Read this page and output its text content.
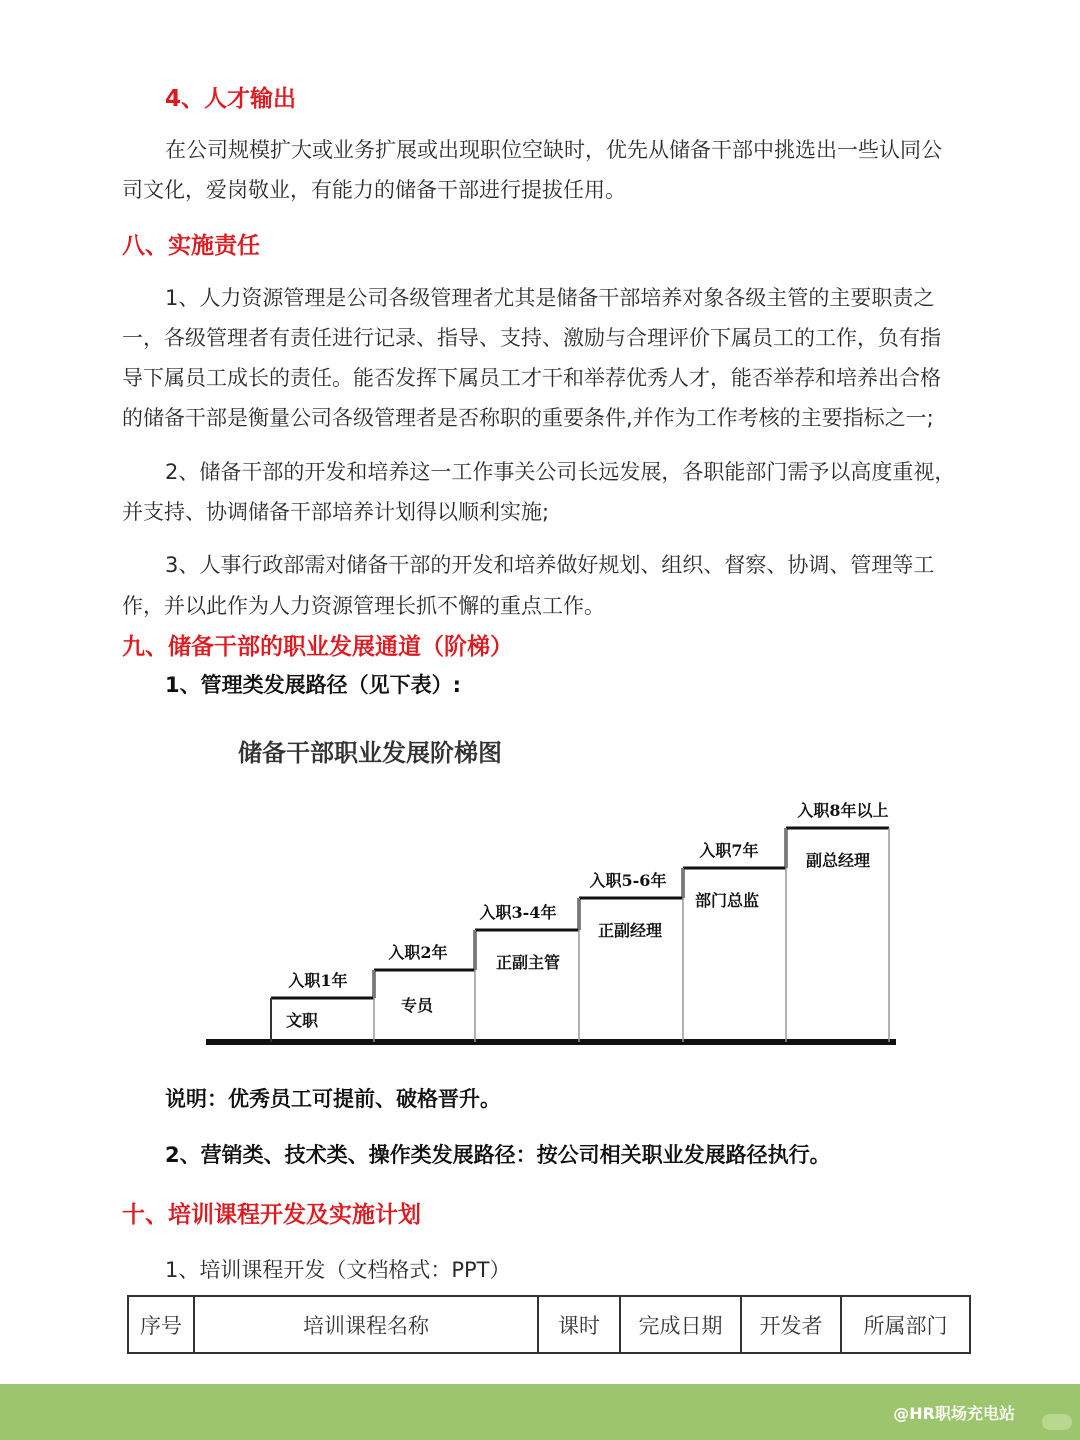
4、人才输出
在公司规模扩大或业务扩展或出现职位空缺时，优先从储备干部中挑选出一些认同公
司文化，爱岗敬业，有能力的储备干部进行提拔任用。
八、实施责任
1、人力资源管理是公司各级管理者尤其是储备干部培养对象各级主管的主要职责之
一，各级管理者有责任进行记录、指导、支持、激励与合理评价下属员工的工作，负有指
导下属员工成长的责任。能否发挥下属员工才干和举荐优秀人才，能否举荐和培养出合格
的储备干部是衡量公司各级管理者是否称职的重要条件,并作为工作考核的主要指标之一;
2、储备干部的开发和培养这一工作事关公司长远发展，各职能部门需予以高度重视，
并支持、协调储备干部培养计划得以顺利实施;
3、人事行政部需对储备干部的开发和培养做好规划、组织、督察、协调、管理等工
作，并以此作为人力资源管理长抓不懈的重点工作。
九、储备干部的职业发展通道（阶梯）
1、管理类发展路径（见下表）:
储备干部职业发展阶梯图
入职1年
文职
入职2年
专员
入职3-4年
正副主管
入职5-6年
正副经理
入职7年
部门总监
入职8年以上
副总经理
说明：优秀员工可提前、破格晋升。
2、营销类、技术类、操作类发展路径：按公司相关职业发展路径执行。
十、培训课程开发及实施计划
1、培训课程开发（文档格式：PPT）
序号	培训课程名称	课时	完成日期	开发者	所属部门
@HR职场充电站
